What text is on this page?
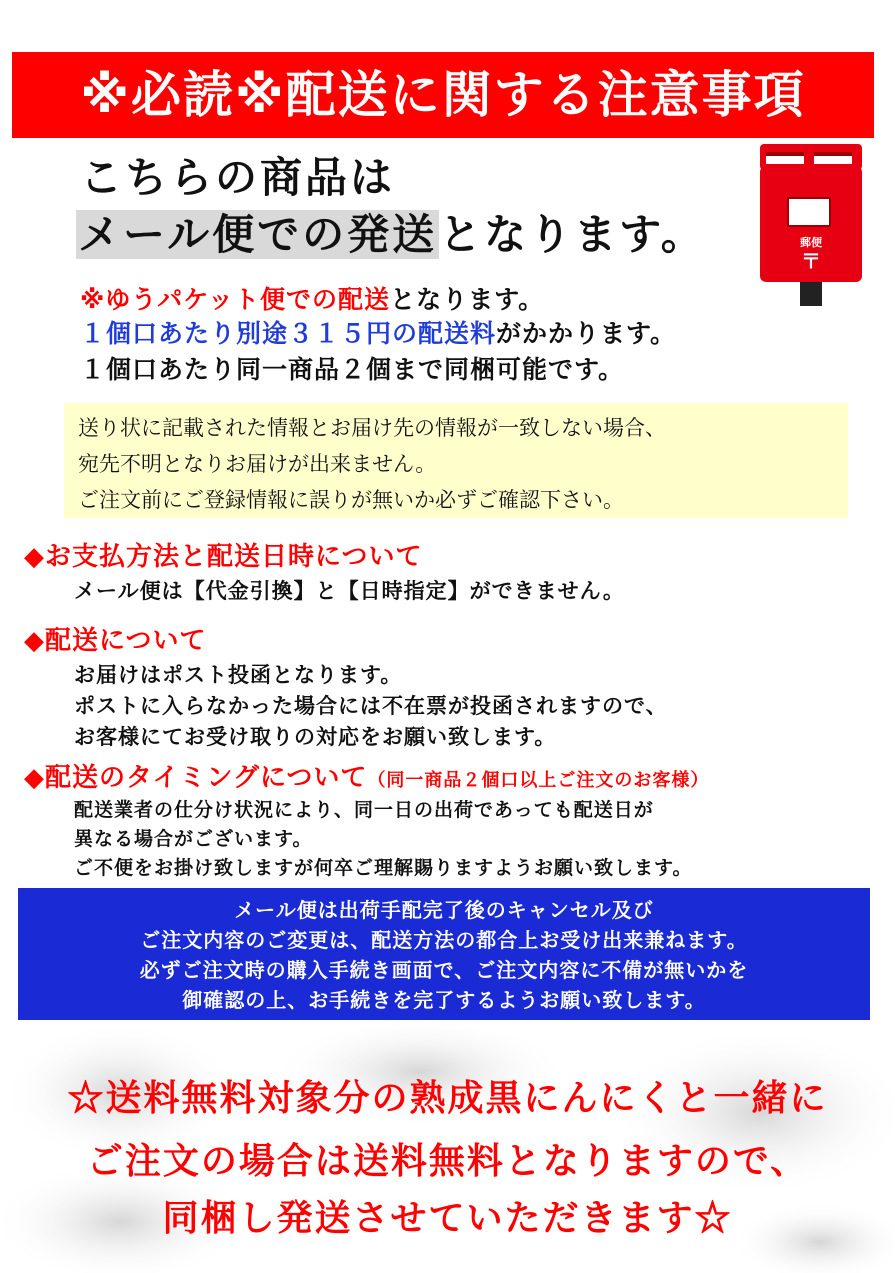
※必読※配送に関する注意事項
こちらの商品は
メール便での発送となります。	郵便
〒
※ゆうパケット便での配送となります。
１個口あたり別途３１５円の配送料がかかります。
１個口あたり同一商品２個まで同梱可能です。
送り状に記載された情報とお届け先の情報が一致しない場合、
宛先不明となりお届けが出来ません。
ご注文前にご登録情報に誤りが無いか必ずご確認下さい。
◆お支払方法と配送日時について
メール便は【代金引換】と【日時指定】ができません。
◆配送について
お届けはポスト投函となります。
ポストに入らなかった場合には不在票が投函されますので、
お客様にてお受け取りの対応をお願い致します。
◆配送のタイミングについて（同一商品２個口以上ご注文のお客様）
配送業者の仕分け状況により、同一日の出荷であっても配送日が
異なる場合がございます。
ご不便をお掛け致しますが何卒ご理解賜りますようお願い致します。
メール便は出荷手配完了後のキャンセル及び
ご注文内容のご変更は、配送方法の都合上お受け出来兼ねます。
必ずご注文時の購入手続き画面で、ご注文内容に不備が無いかを
御確認の上、お手続きを完了するようお願い致します。
☆送料無料対象分の熟成黒にんにくと一緒に
ご注文の場合は送料無料となりますので、
同梱し発送させていただきます☆
